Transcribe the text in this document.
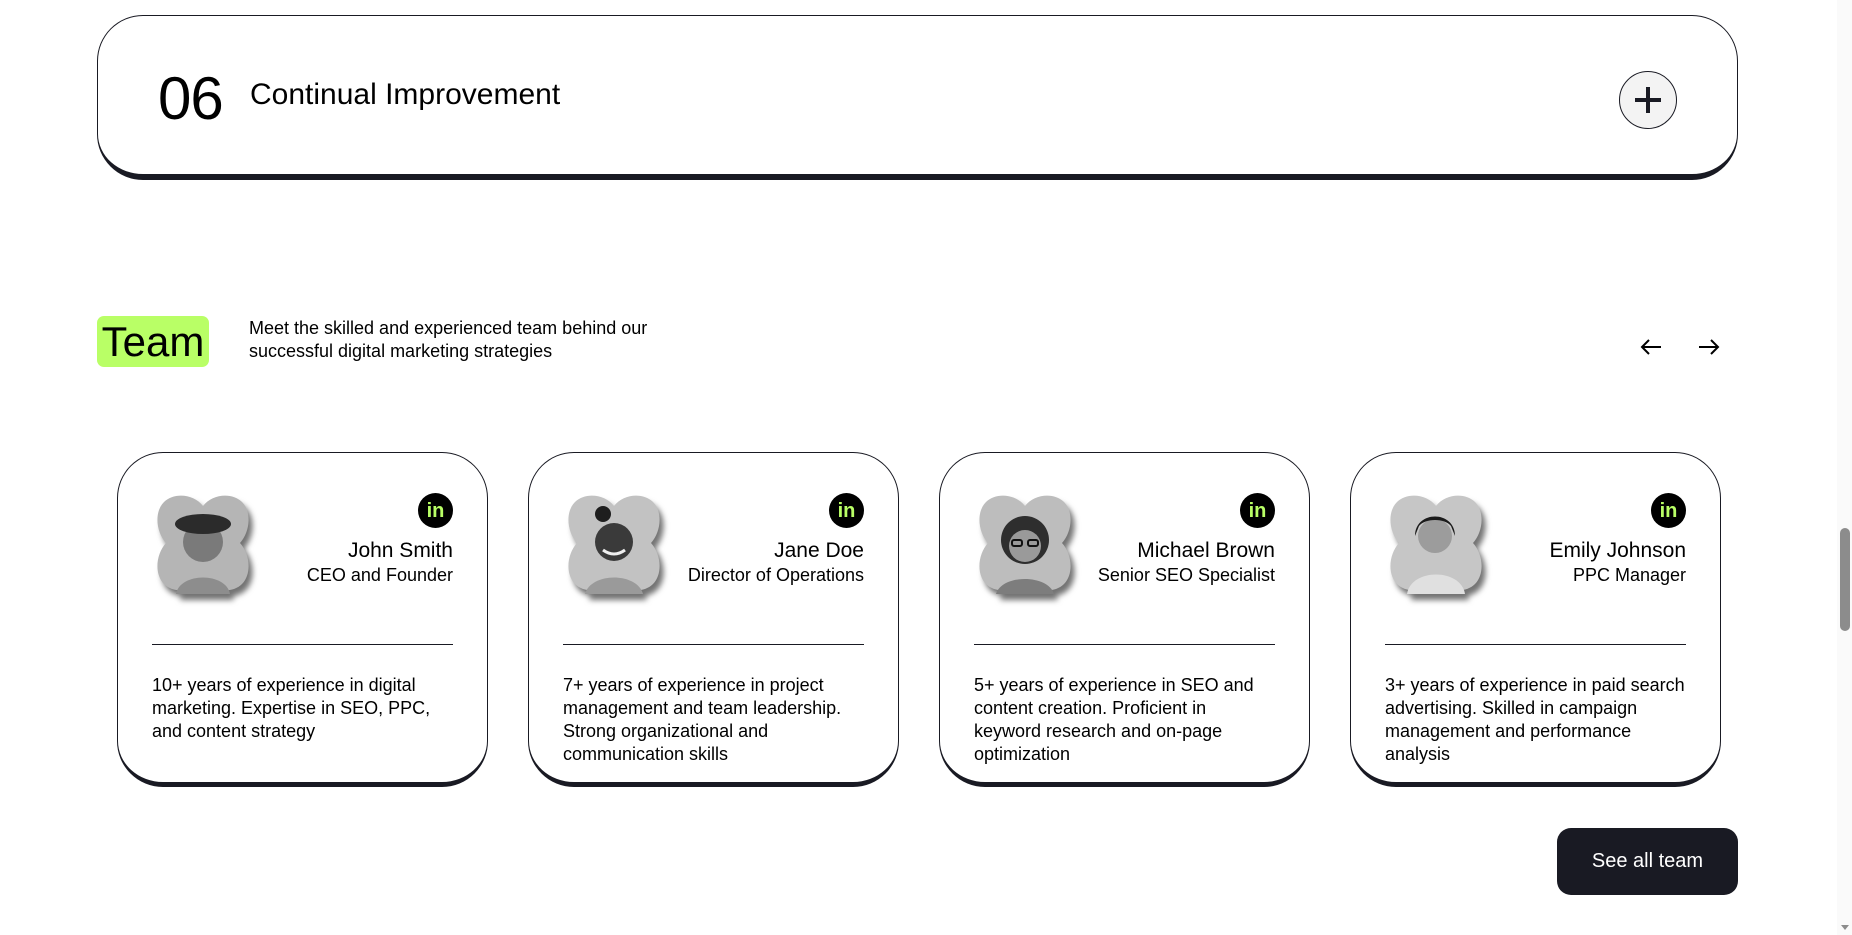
06 Continual Improvement
Team Meet the skilled and experienced team behind our successful digital marketing strategies
in
John Smith
CEO and Founder
10+ years of experience in digital marketing. Expertise in SEO, PPC, and content strategy
in
Jane Doe
Director of Operations
7+ years of experience in project management and team leadership. Strong organizational and communication skills
in
Michael Brown
Senior SEO Specialist
5+ years of experience in SEO and content creation. Proficient in keyword research and on-page optimization
in
Emily Johnson
PPC Manager
3+ years of experience in paid search advertising. Skilled in campaign management and performance analysis
See all team
